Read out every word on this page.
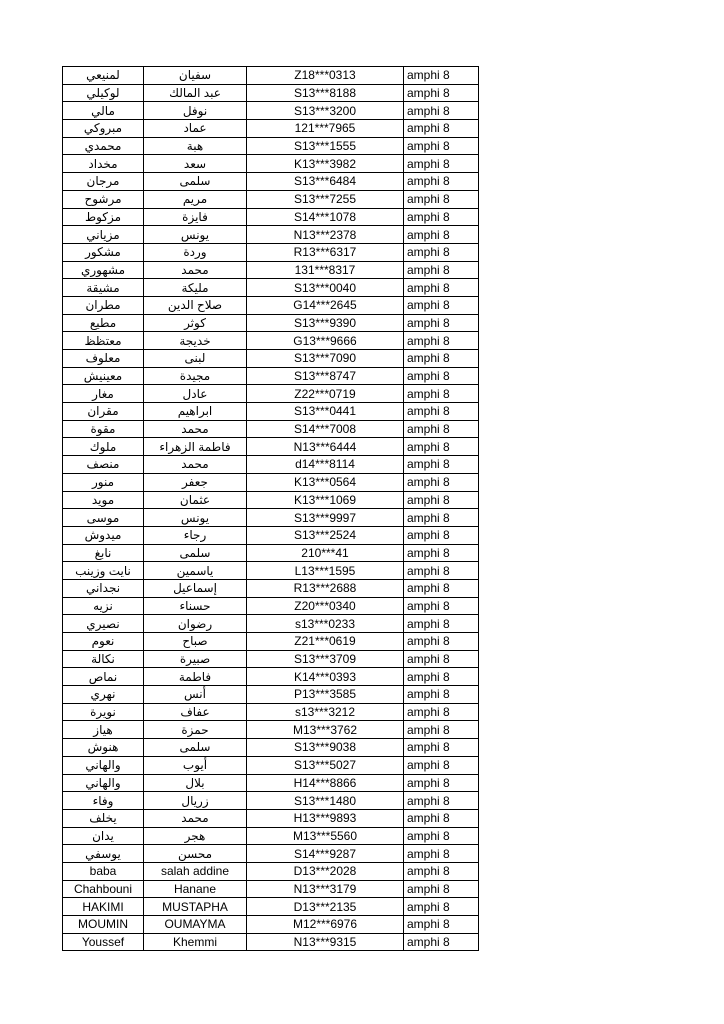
لمنيعي	سفيان	Z18***0313	amphi 8
لوكيلي	عبد المالك	S13***8188	amphi 8
مالي	نوفل	S13***3200	amphi 8
مبروكي	عماد	121***7965	amphi 8
محمدي	هبة	S13***1555	amphi 8
مخداد	سعد	K13***3982	amphi 8
مرجان	سلمى	S13***6484	amphi 8
مرشوح	مريم	S13***7255	amphi 8
مزكوط	فايزة	S14***1078	amphi 8
مزياني	يونس	N13***2378	amphi 8
مشكور	وردة	R13***6317	amphi 8
مشهوري	محمد	131***8317	amphi 8
مشيقة	مليكة	S13***0040	amphi 8
مطران	صلاح الدين	G14***2645	amphi 8
مطيع	كوثر	S13***9390	amphi 8
معتظظ	خديجة	G13***9666	amphi 8
معلوف	لبنى	S13***7090	amphi 8
معينيش	مجيدة	S13***8747	amphi 8
مغار	عادل	Z22***0719	amphi 8
مقران	ابراهيم	S13***0441	amphi 8
مقوة	محمد	S14***7008	amphi 8
ملوك	فاطمة الزهراء	N13***6444	amphi 8
منصف	محمد	d14***8114	amphi 8
منور	جعفر	K13***0564	amphi 8
مويد	عثمان	K13***1069	amphi 8
موسى	يونس	S13***9997	amphi 8
ميدوش	رجاء	S13***2524	amphi 8
نابغ	سلمى	210***41	amphi 8
نايت وزينب	ياسمين	L13***1595	amphi 8
نجداني	إسماعيل	R13***2688	amphi 8
نزيه	حسناء	Z20***0340	amphi 8
نصيري	رضوان	s13***0233	amphi 8
نعوم	صباح	Z21***0619	amphi 8
نكالة	صبيرة	S13***3709	amphi 8
نماص	فاطمة	K14***0393	amphi 8
نهري	أنس	P13***3585	amphi 8
نويرة	عفاف	s13***3212	amphi 8
هياز	حمزة	M13***3762	amphi 8
هنوش	سلمى	S13***9038	amphi 8
والهاني	أيوب	S13***5027	amphi 8
والهاني	بلال	H14***8866	amphi 8
وفاء	زريال	S13***1480	amphi 8
يخلف	محمد	H13***9893	amphi 8
يدان	هجر	M13***5560	amphi 8
يوسفي	محسن	S14***9287	amphi 8
baba	salah addine	D13***2028	amphi 8
Chahbouni	Hanane	N13***3179	amphi 8
HAKIMI	MUSTAPHA	D13***2135	amphi 8
MOUMIN	OUMAYMA	M12***6976	amphi 8
Youssef	Khemmi	N13***9315	amphi 8
